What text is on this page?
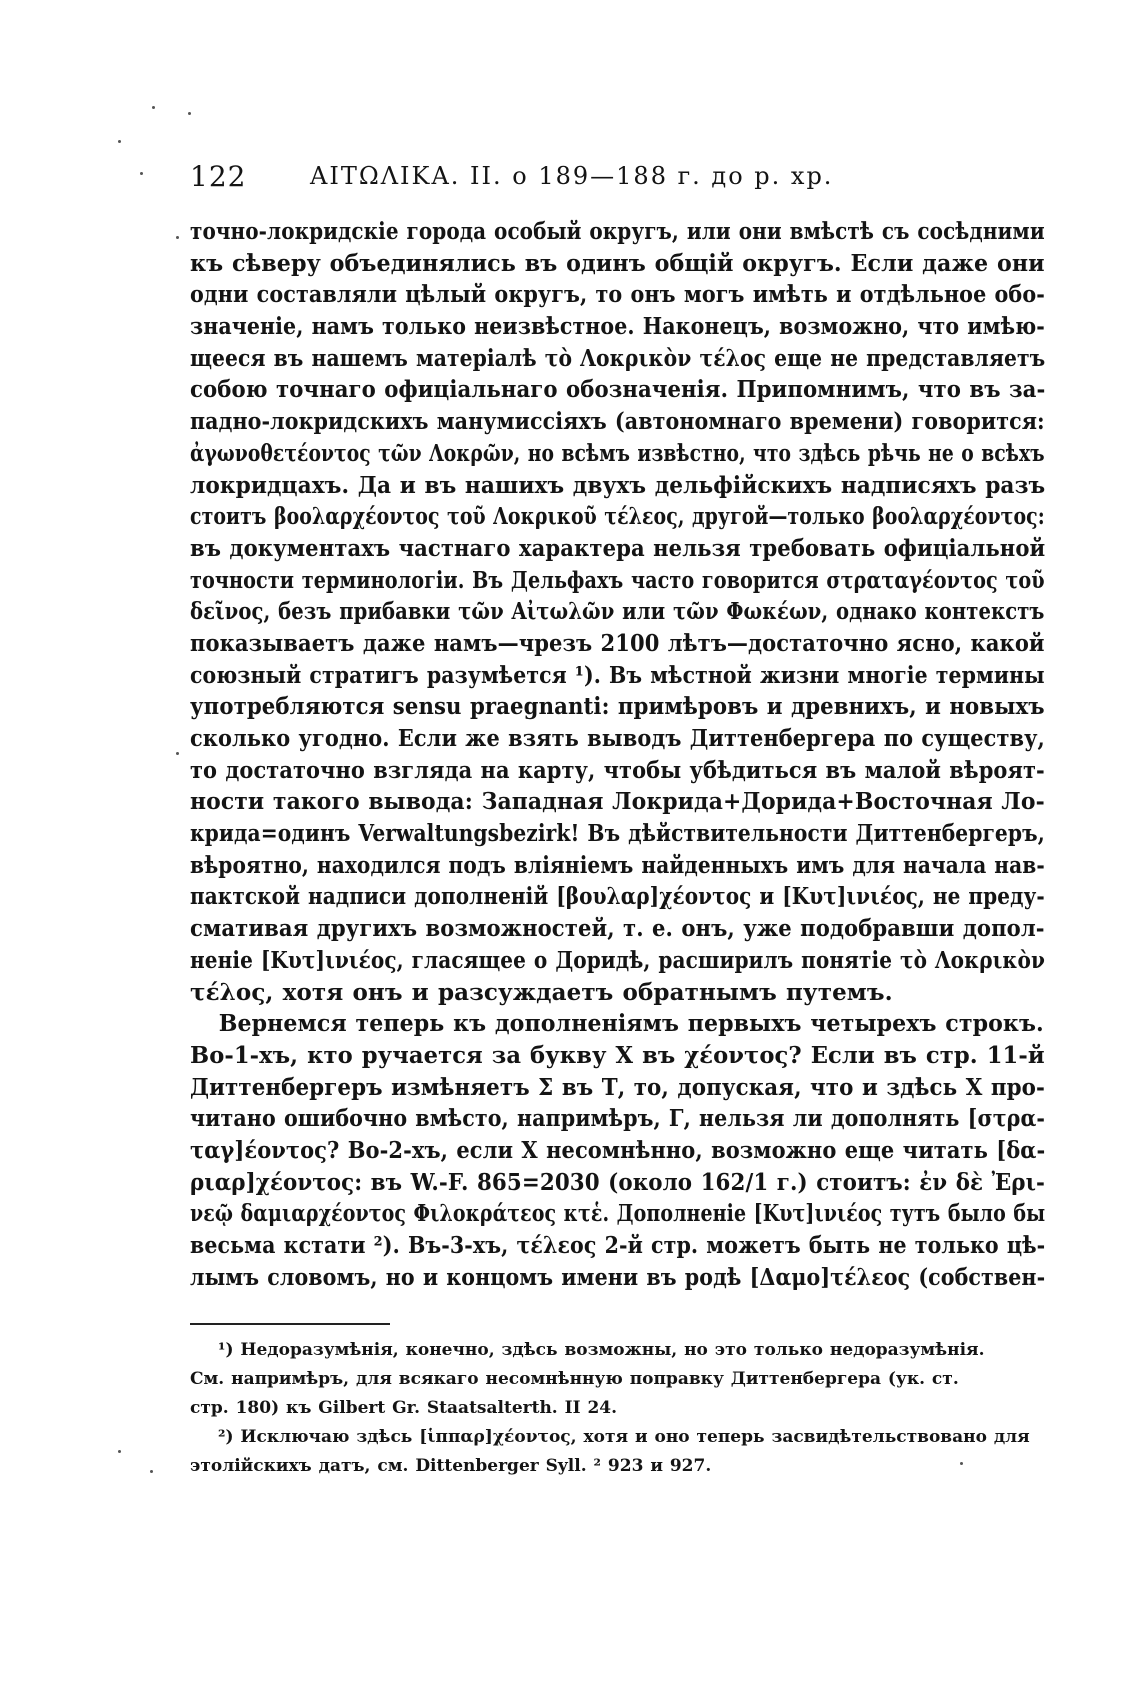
122	ΑΙΤΩΛΙΚΑ. II. о 189—188 г. до р. хр.
точно-локридскіе города особый округъ, или они вмѣстѣ съ сосѣдними
къ сѣверу объединялись въ одинъ общій округъ. Если даже они
одни составляли цѣлый округъ, то онъ могъ имѣть и отдѣльное обо-
значеніе, намъ только неизвѣстное. Наконецъ, возможно, что имѣю-
щееся въ нашемъ матеріалѣ τὸ Λοκρικὸν τέλος еще не представляетъ
собою точнаго офиціальнаго обозначенія. Припомнимъ, что въ за-
падно-локридскихъ манумиссіяхъ (автономнаго времени) говорится:
ἀγωνοθετέοντος τῶν Λοκρῶν, но всѣмъ извѣстно, что здѣсь рѣчь не о всѣхъ
локридцахъ. Да и въ нашихъ двухъ дельфійскихъ надписяхъ разъ
стоитъ βοολαρχέοντος τοῦ Λοκρικοῦ τέλεος, другой—только βοολαρχέοντος:
въ документахъ частнаго характера нельзя требовать офиціальной
точности терминологіи. Въ Дельфахъ часто говорится στραταγέοντος τοῦ
δεῖνος, безъ прибавки τῶν Αἰτωλῶν или τῶν Φωκέων, однако контекстъ
показываетъ даже намъ—чрезъ 2100 лѣтъ—достаточно ясно, какой
союзный стратигъ разумѣется ¹). Въ мѣстной жизни многіе термины
употребляются sensu praegnanti: примѣровъ и древнихъ, и новыхъ
сколько угодно. Если же взять выводъ Диттенбергера по существу,
то достаточно взгляда на карту, чтобы убѣдиться въ малой вѣроят-
ности такого вывода: Западная Локрида+Дорида+Восточная Ло-
крида=одинъ Verwaltungsbezirk! Въ дѣйствительности Диттенбергеръ,
вѣроятно, находился подъ вліяніемъ найденныхъ имъ для начала нав-
пактской надписи дополненій [βουλαρ]χέοντος и [Κυτ]ινιέος, не преду-
смативая другихъ возможностей, т. е. онъ, уже подобравши допол-
неніе [Κυτ]ινιέος, гласящее о Доридѣ, расширилъ понятіе τὸ Λοκρικὸν
τέλος, хотя онъ и разсуждаетъ обратнымъ путемъ.
Вернемся теперь къ дополненіямъ первыхъ четырехъ строкъ.
Во-1-хъ, кто ручается за букву Χ въ χέοντος? Если въ стр. 11-й
Диттенбергеръ измѣняетъ Σ въ Τ, то, допуская, что и здѣсь Χ про-
читано ошибочно вмѣсто, напримѣръ, Γ, нельзя ли дополнять [στρα-
ταγ]έοντος? Во-2-хъ, если Χ несомнѣнно, возможно еще читать [δα-
ριαρ]χέοντος: въ W.-F. 865=2030 (около 162/1 г.) стоитъ: ἐν δὲ Ἐρι-
νεῷ δαμιαρχέοντος Φιλοκράτεος κτἑ. Дополненіе [Κυτ]ινιέος тутъ было бы
весьма кстати ²). Въ-3-хъ, τέλεος 2-й стр. можетъ быть не только цѣ-
лымъ словомъ, но и концомъ имени въ родѣ [Δαμο]τέλεος (собствен-
¹) Недоразумѣнія, конечно, здѣсь возможны, но это только недоразумѣнія.
См. напримѣръ, для всякаго несомнѣнную поправку Диттенбергера (ук. ст.
стр. 180) къ Gilbert Gr. Staatsalterth. II 24.
²) Исключаю здѣсь [ἱππαρ]χέοντος, хотя и оно теперь засвидѣтельствовано для
этолійскихъ датъ, см. Dittenberger Syll. ² 923 и 927.
